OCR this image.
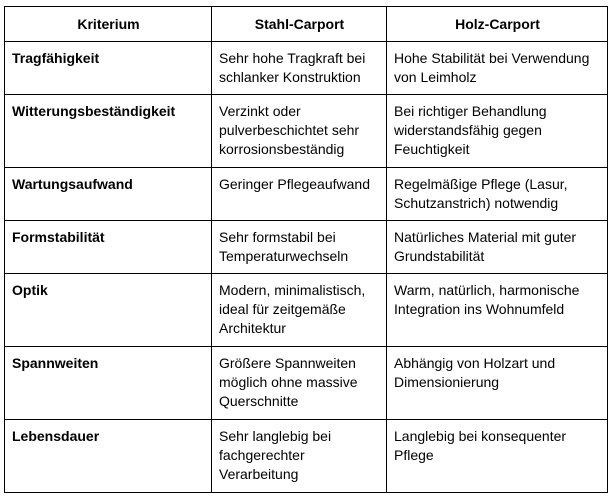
Kriterium	Stahl-Carport	Holz-Carport
Tragfähigkeit	Sehr hohe Tragkraft bei schlanker Konstruktion	Hohe Stabilität bei Verwendung von Leimholz
Witterungsbeständigkeit	Verzinkt oder pulverbeschichtet sehr korrosionsbeständig	Bei richtiger Behandlung widerstandsfähig gegen Feuchtigkeit
Wartungsaufwand	Geringer Pflegeaufwand	Regelmäßige Pflege (Lasur, Schutzanstrich) notwendig
Formstabilität	Sehr formstabil bei Temperaturwechseln	Natürliches Material mit guter Grundstabilität
Optik	Modern, minimalistisch, ideal für zeitgemäße Architektur	Warm, natürlich, harmonische Integration ins Wohnumfeld
Spannweiten	Größere Spannweiten möglich ohne massive Querschnitte	Abhängig von Holzart und Dimensionierung
Lebensdauer	Sehr langlebig bei fachgerechter Verarbeitung	Langlebig bei konsequenter Pflege
